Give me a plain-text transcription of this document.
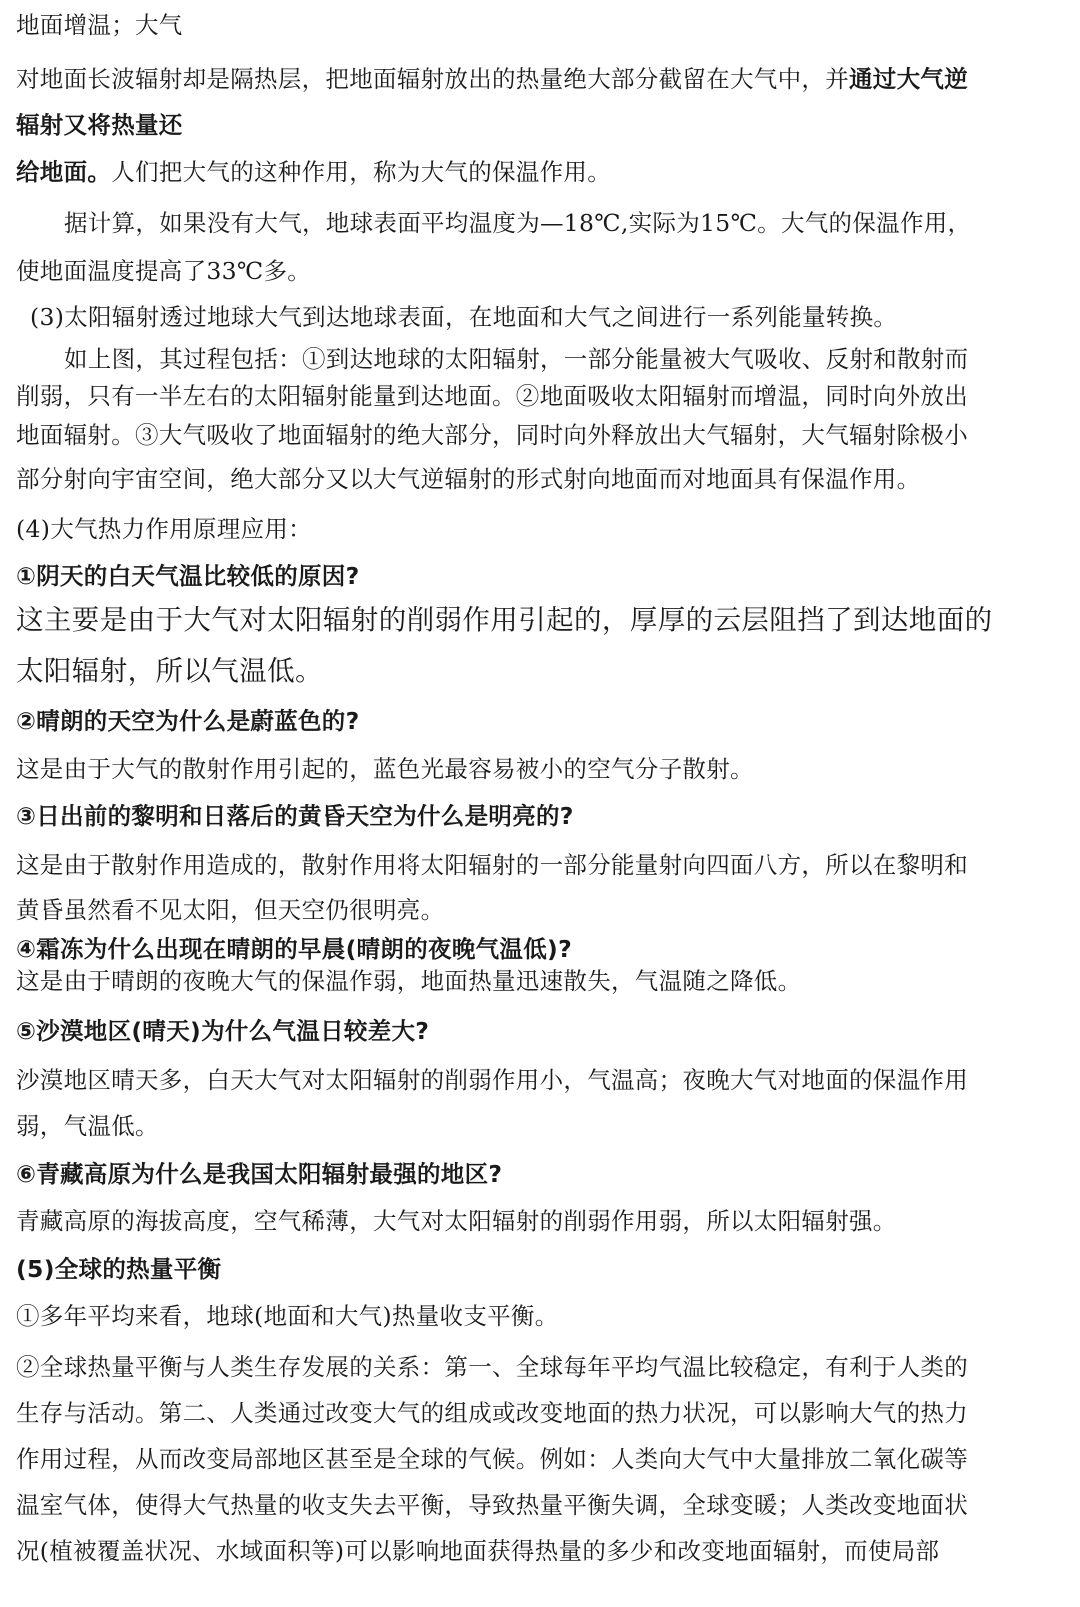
地面增温；大气
对地面长波辐射却是隔热层，把地面辐射放出的热量绝大部分截留在大气中，并通过大气逆
辐射又将热量还
给地面。人们把大气的这种作用，称为大气的保温作用。
据计算，如果没有大气，地球表面平均温度为—18℃,实际为15℃。大气的保温作用，
使地面温度提高了33℃多。
(3)太阳辐射透过地球大气到达地球表面，在地面和大气之间进行一系列能量转换。
如上图，其过程包括：①到达地球的太阳辐射，一部分能量被大气吸收、反射和散射而
削弱，只有一半左右的太阳辐射能量到达地面。②地面吸收太阳辐射而增温，同时向外放出
地面辐射。③大气吸收了地面辐射的绝大部分，同时向外释放出大气辐射，大气辐射除极小
部分射向宇宙空间，绝大部分又以大气逆辐射的形式射向地面而对地面具有保温作用。
(4)大气热力作用原理应用：
①阴天的白天气温比较低的原因?
这主要是由于大气对太阳辐射的削弱作用引起的，厚厚的云层阻挡了到达地面的
太阳辐射，所以气温低。
②晴朗的天空为什么是蔚蓝色的?
这是由于大气的散射作用引起的，蓝色光最容易被小的空气分子散射。
③日出前的黎明和日落后的黄昏天空为什么是明亮的?
这是由于散射作用造成的，散射作用将太阳辐射的一部分能量射向四面八方，所以在黎明和
黄昏虽然看不见太阳，但天空仍很明亮。
④霜冻为什么出现在晴朗的早晨(晴朗的夜晚气温低)?
这是由于晴朗的夜晚大气的保温作弱，地面热量迅速散失，气温随之降低。
⑤沙漠地区(晴天)为什么气温日较差大?
沙漠地区晴天多，白天大气对太阳辐射的削弱作用小，气温高；夜晚大气对地面的保温作用
弱，气温低。
⑥青藏高原为什么是我国太阳辐射最强的地区?
青藏高原的海拔高度，空气稀薄，大气对太阳辐射的削弱作用弱，所以太阳辐射强。
(5)全球的热量平衡
①多年平均来看，地球(地面和大气)热量收支平衡。
②全球热量平衡与人类生存发展的关系：第一、全球每年平均气温比较稳定，有利于人类的
生存与活动。第二、人类通过改变大气的组成或改变地面的热力状况，可以影响大气的热力
作用过程，从而改变局部地区甚至是全球的气候。例如：人类向大气中大量排放二氧化碳等
温室气体，使得大气热量的收支失去平衡，导致热量平衡失调，全球变暖；人类改变地面状
况(植被覆盖状况、水域面积等)可以影响地面获得热量的多少和改变地面辐射，而使局部
